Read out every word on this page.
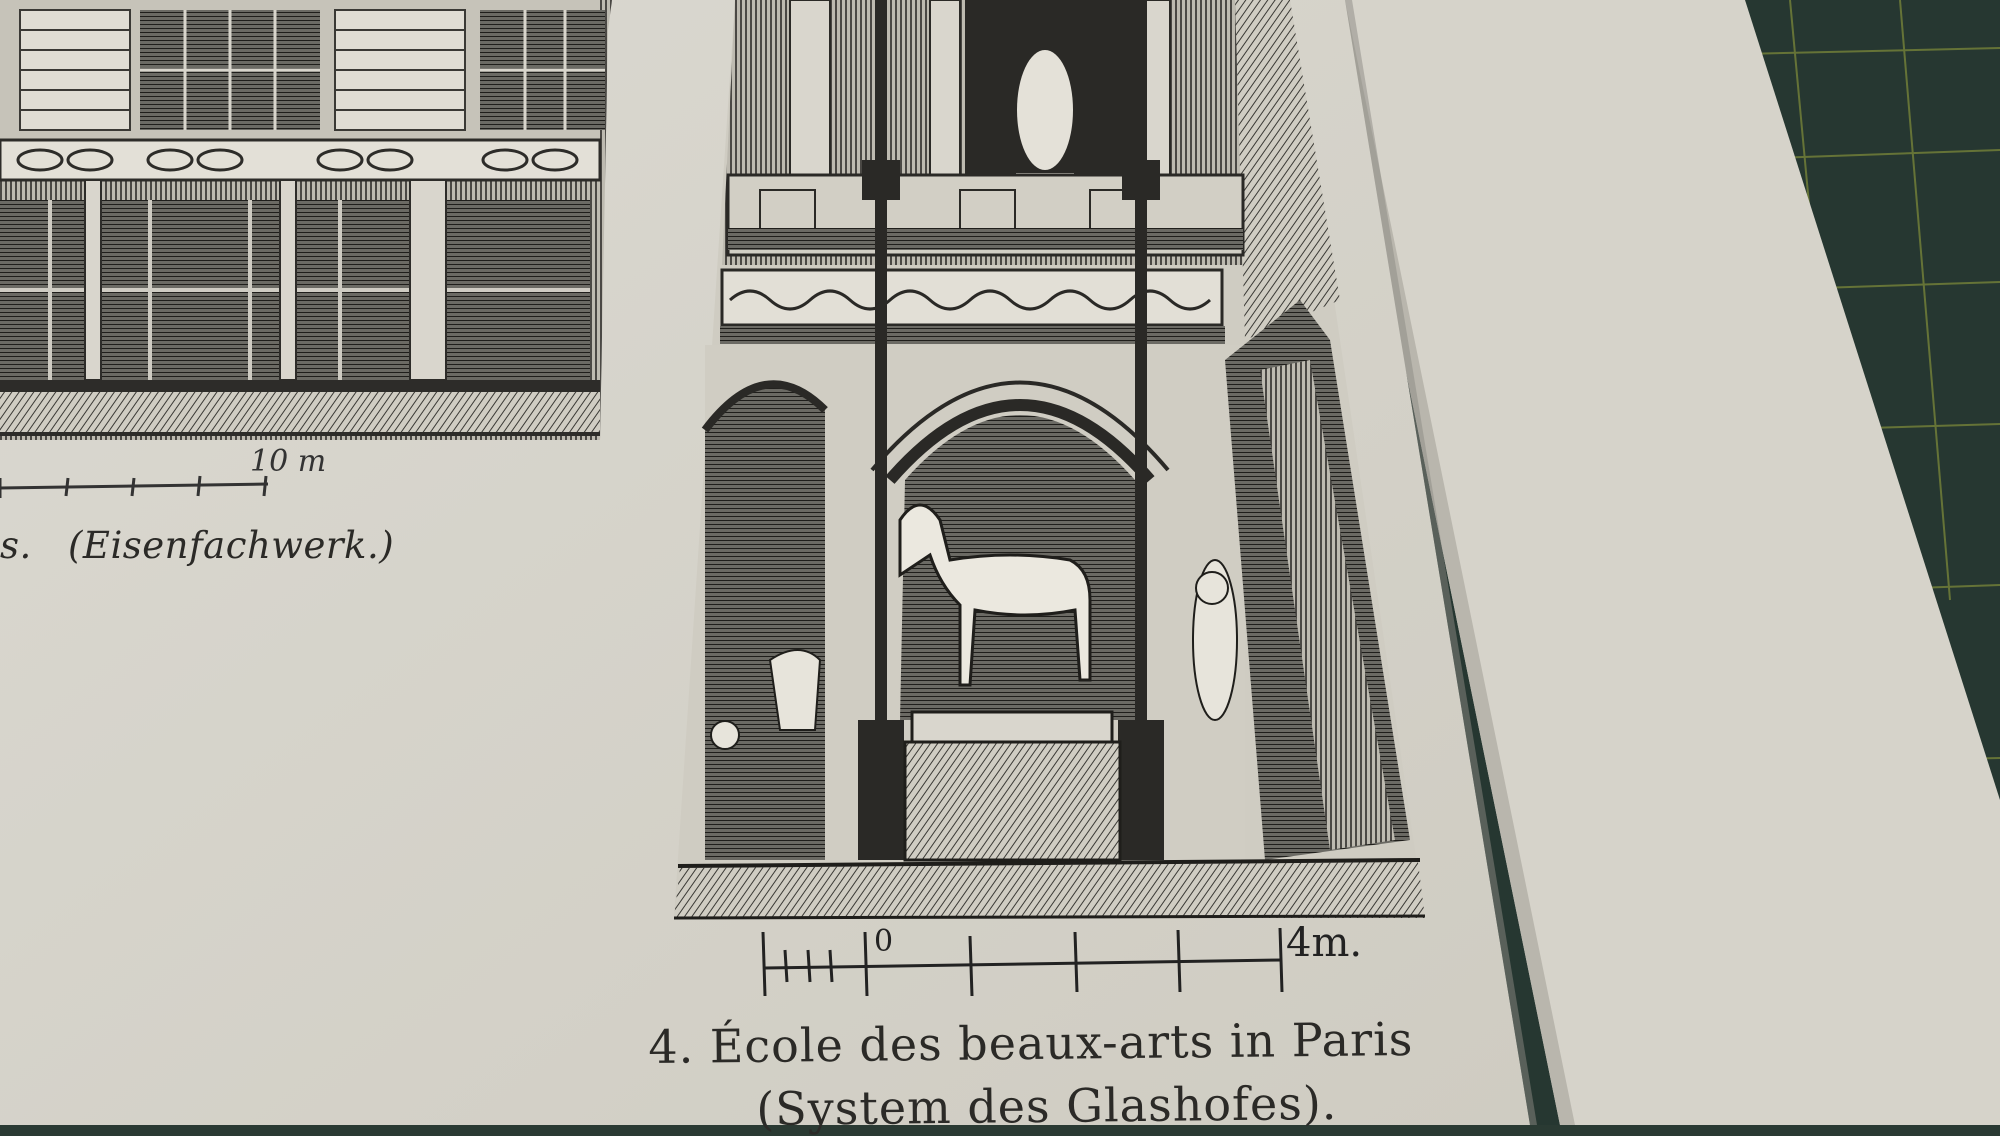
10 m
s. (Eisenfachwerk.)
0	4m.
4. École des beaux-arts in Paris
(System des Glashofes).
